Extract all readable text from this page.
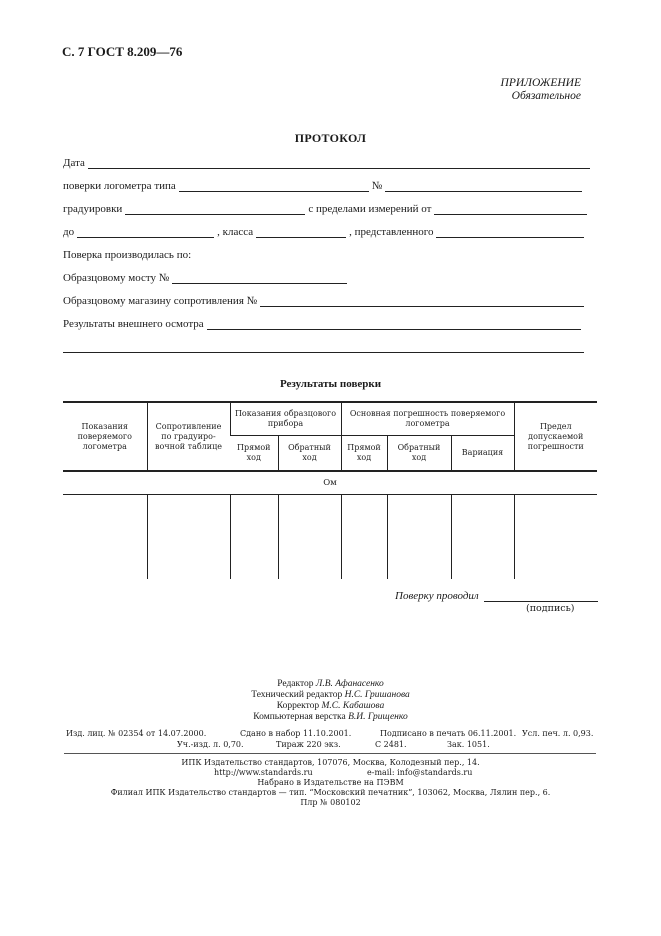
С. 7 ГОСТ 8.209—76
ПРИЛОЖЕНИЕ
Обязательное
ПРОТОКОЛ
Дата
поверки логометра типа	№
градуировки	с пределами измерений от
до	, класса	, представленного
Поверка производилась по:
Образцовому мосту №
Образцовому магазину сопротивления №
Результаты внешнего осмотра
Результаты поверки
Показания поверяемого логометра	Сопротивление по градуиро-вочной таблице	Показания образцового прибора		Основная погрешность поверяемого логометра			Предел допускаемой погрешности
		Прямой ход	Обратный ход	Прямой ход	Обратный ход	Вариация	
Ом							

Поверку проводил
(подпись)
Редактор Л.В. Афанасенко
Технический редактор Н.С. Гришанова
Корректор М.С. Кабашова
Компьютерная верстка В.И. Грищенко
Изд. лиц. № 02354 от 14.07.2000.	Сдано в набор 11.10.2001.	Подписано в печать 06.11.2001. Усл. печ. л. 0,93.
Уч.-изд. л. 0,70.	Тираж 220 экз.	С 2481.	Зак. 1051.
ИПК Издательство стандартов, 107076, Москва, Колодезный пер., 14.
http://www.standards.ru	e-mail: info@standards.ru
Набрано в Издательстве на ПЭВМ
Филиал ИПК Издательство стандартов — тип. “Московский печатник”, 103062, Москва, Лялин пер., 6.
Плр № 080102
